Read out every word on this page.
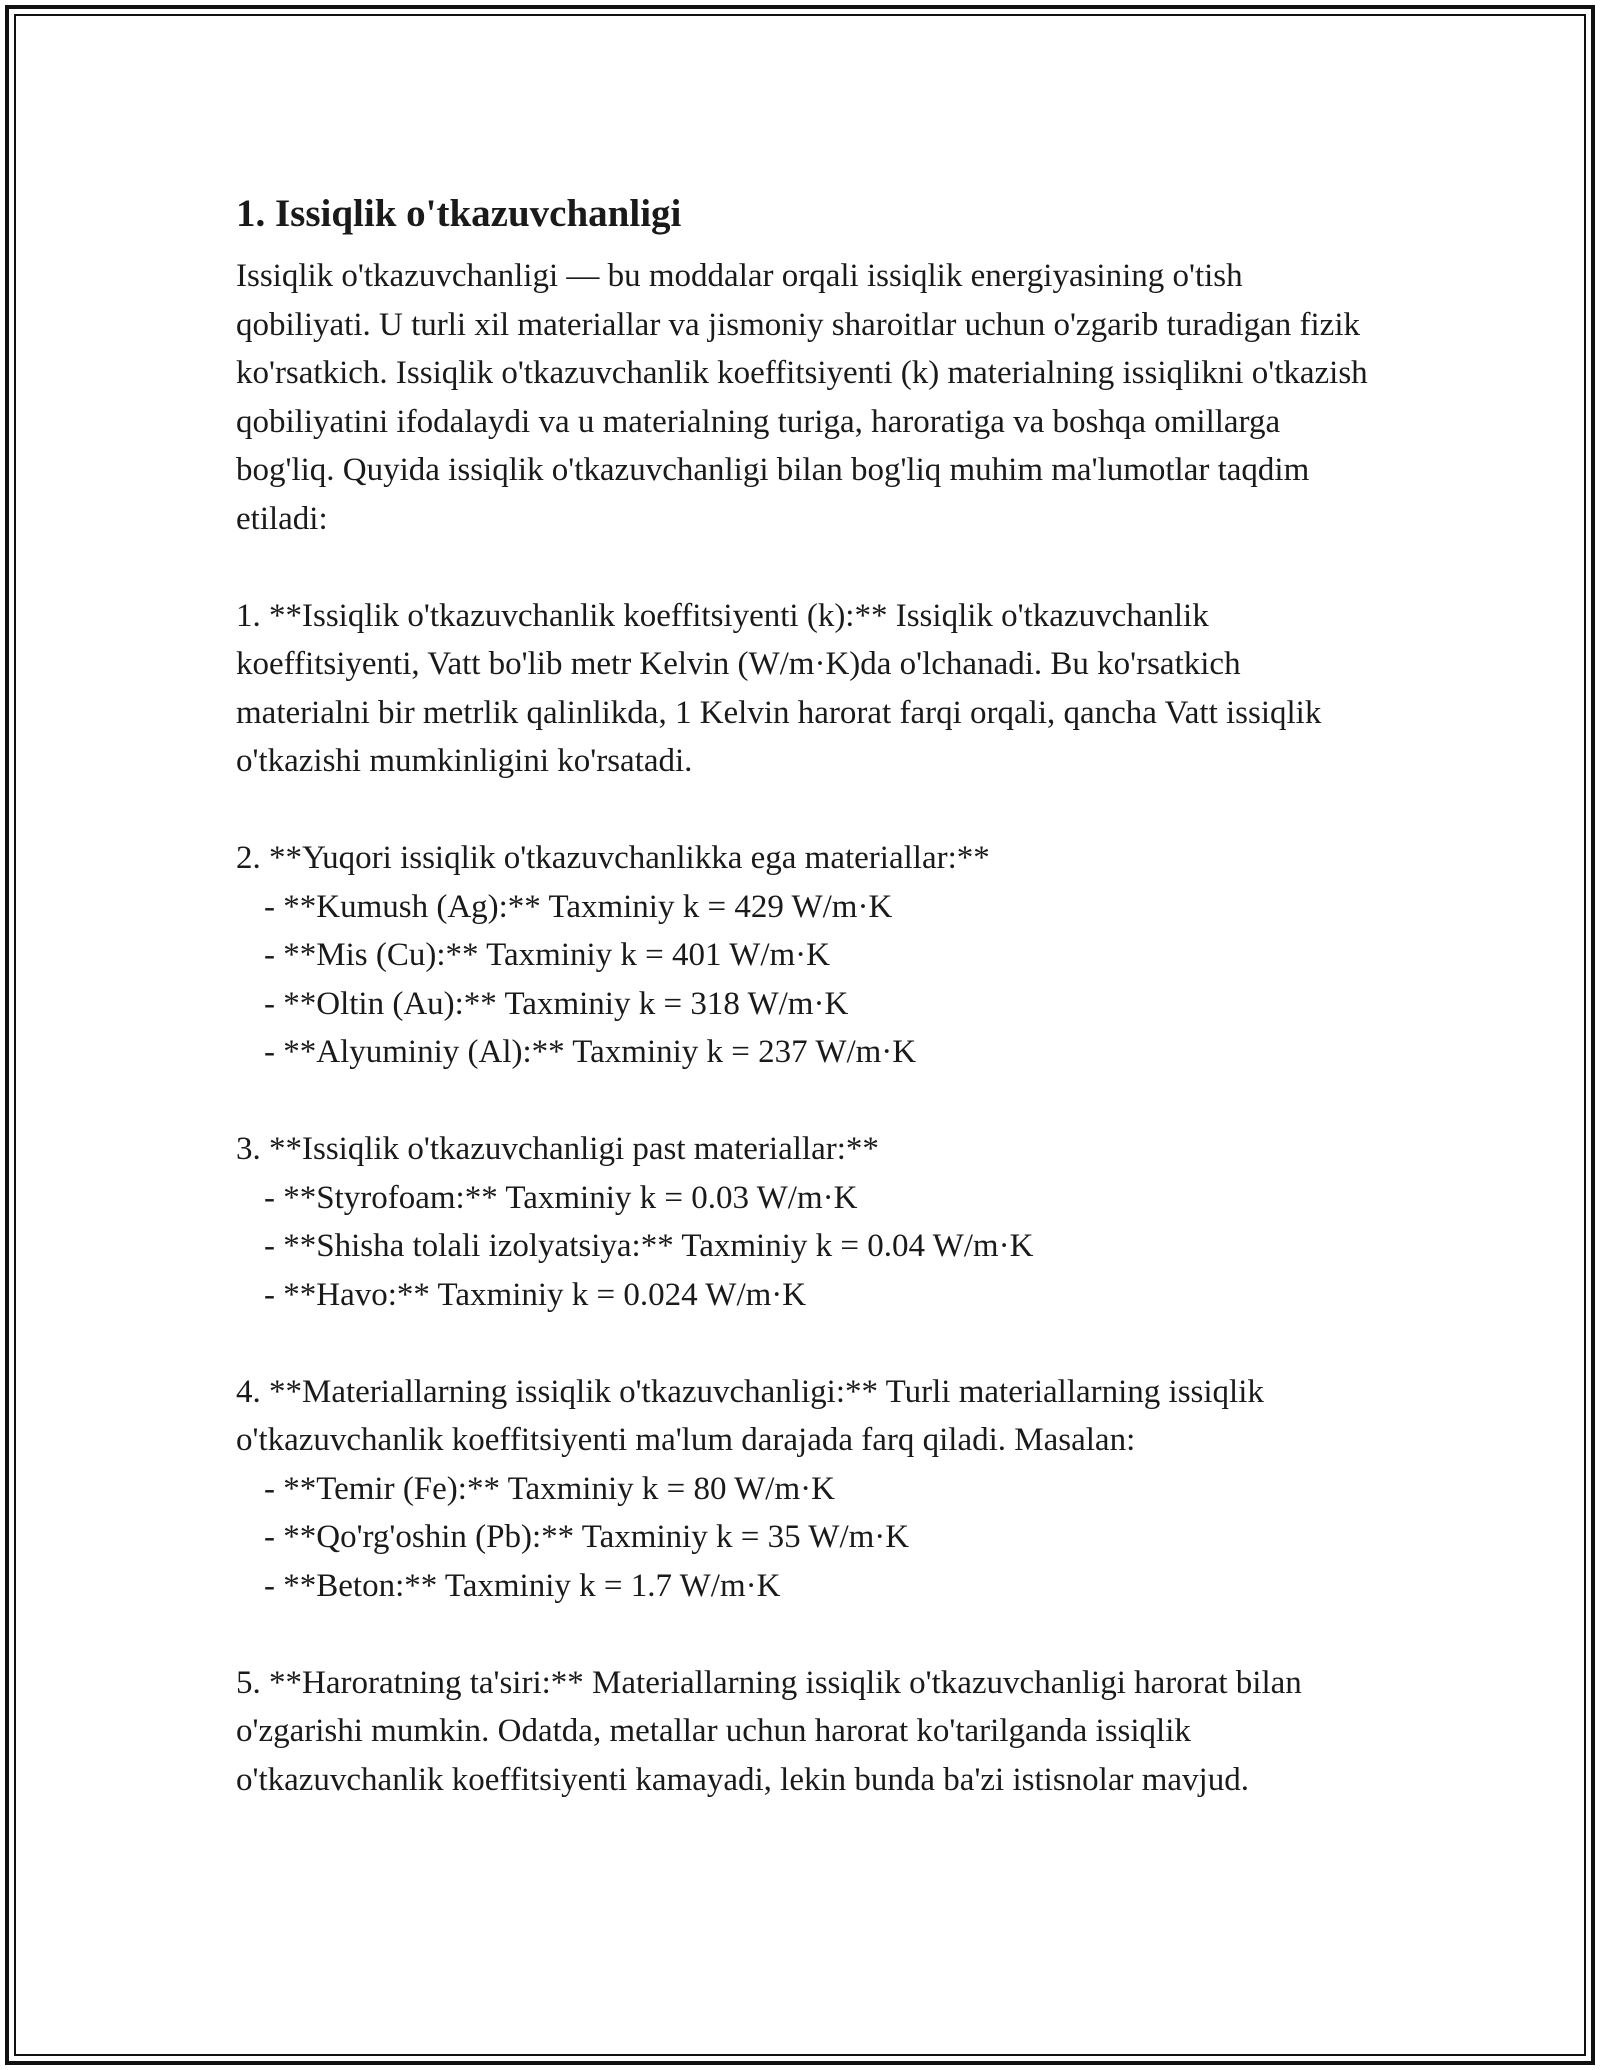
1. Issiqlik o'tkazuvchanligi

Issiqlik o'tkazuvchanligi — bu moddalar orqali issiqlik energiyasining o'tish qobiliyati. U turli xil materiallar va jismoniy sharoitlar uchun o'zgarib turadigan fizik ko'rsatkich. Issiqlik o'tkazuvchanlik koeffitsiyenti (k) materialning issiqlikni o'tkazish qobiliyatini ifodalaydi va u materialning turiga, haroratiga va boshqa omillarga bog'liq. Quyida issiqlik o'tkazuvchanligi bilan bog'liq muhim ma'lumotlar taqdim etiladi:

1. **Issiqlik o'tkazuvchanlik koeffitsiyenti (k):** Issiqlik o'tkazuvchanlik koeffitsiyenti, Vatt bo'lib metr Kelvin (W/m·K)da o'lchanadi. Bu ko'rsatkich materialni bir metrlik qalinlikda, 1 Kelvin harorat farqi orqali, qancha Vatt issiqlik o'tkazishi mumkinligini ko'rsatadi.

2. **Yuqori issiqlik o'tkazuvchanlikka ega materiallar:**

- **Kumush (Ag):** Taxminiy k = 429 W/m·K

- **Mis (Cu):** Taxminiy k = 401 W/m·K

- **Oltin (Au):** Taxminiy k = 318 W/m·K

- **Alyuminiy (Al):** Taxminiy k = 237 W/m·K

3. **Issiqlik o'tkazuvchanligi past materiallar:**

- **Styrofoam:** Taxminiy k = 0.03 W/m·K

- **Shisha tolali izolyatsiya:** Taxminiy k = 0.04 W/m·K

- **Havo:** Taxminiy k = 0.024 W/m·K

4. **Materiallarning issiqlik o'tkazuvchanligi:** Turli materiallarning issiqlik o'tkazuvchanlik koeffitsiyenti ma'lum darajada farq qiladi. Masalan:

- **Temir (Fe):** Taxminiy k = 80 W/m·K

- **Qo'rg'oshin (Pb):** Taxminiy k = 35 W/m·K

- **Beton:** Taxminiy k = 1.7 W/m·K

5. **Haroratning ta'siri:** Materiallarning issiqlik o'tkazuvchanligi harorat bilan o'zgarishi mumkin. Odatda, metallar uchun harorat ko'tarilganda issiqlik o'tkazuvchanlik koeffitsiyenti kamayadi, lekin bunda ba'zi istisnolar mavjud.
